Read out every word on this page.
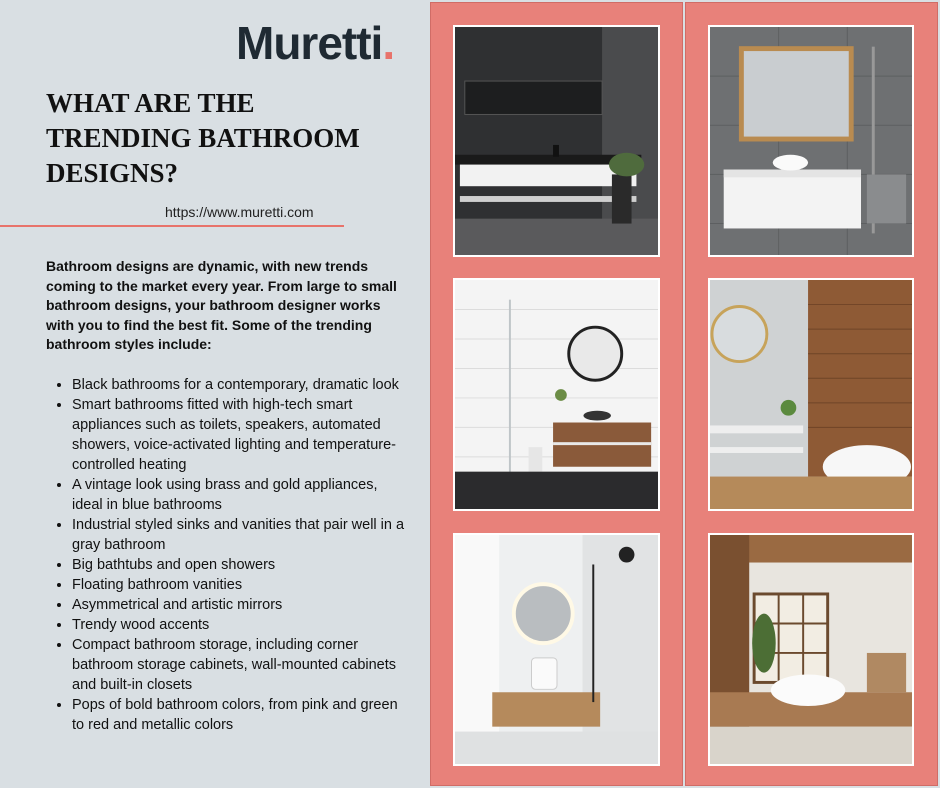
Muretti.
WHAT ARE THE TRENDING BATHROOM DESIGNS?
https://www.muretti.com

Bathroom designs are dynamic, with new trends coming to the market every year. From large to small bathroom designs, your bathroom designer works with you to find the best fit. Some of the trending bathroom styles include:

• Black bathrooms for a contemporary, dramatic look
• Smart bathrooms fitted with high-tech smart appliances such as toilets, speakers, automated showers, voice-activated lighting and temperature-controlled heating
• A vintage look using brass and gold appliances, ideal in blue bathrooms
• Industrial styled sinks and vanities that pair well in a gray bathroom
• Big bathtubs and open showers
• Floating bathroom vanities
• Asymmetrical and artistic mirrors
• Trendy wood accents
• Compact bathroom storage, including corner bathroom storage cabinets, wall-mounted cabinets and built-in closets
• Pops of bold bathroom colors, from pink and green to red and metallic colors
